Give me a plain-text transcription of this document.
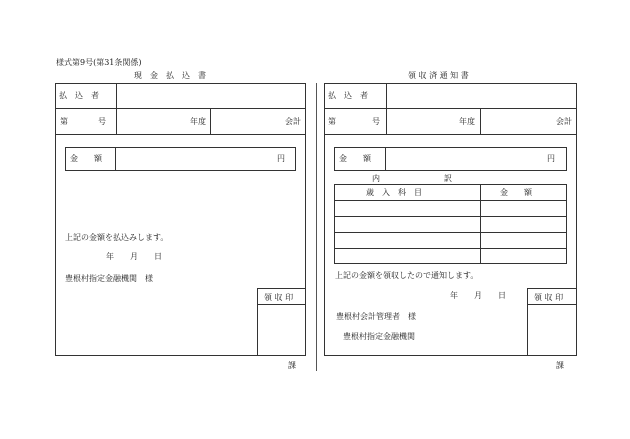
様式第9号(第31条関係)
現　金　払　込　書
払　込　者
第	号	年度	会計
金　　額	円
上記の金額を払込みします。
年　　月　　日
豊根村指定金融機関　様
領 収 印
課
領 収 済 通 知 書
払　込　者
第	号	年度	会計
金　　額	円
内　　　　　　　　訳
歳　入　科　目	金　　額
上記の金額を領収したので通知します。
年　　月　　日
豊根村会計管理者　様
豊根村指定金融機関
領 収 印
課
